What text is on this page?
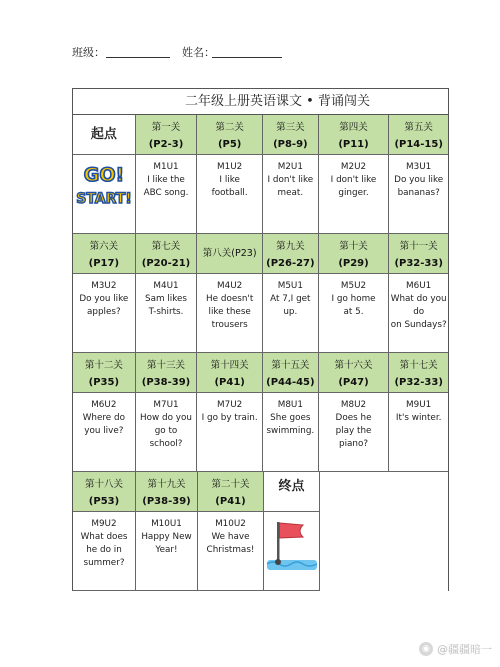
班级：	姓名：
二年级上册英语课文 • 背诵闯关
起点	第一关
(P2-3)
第二关
(P5)
第三关
(P8-9)
第四关
(P11)
第五关
(P14-15)
GO!
START!
M1U1
I like the
ABC song.
M1U2
I like
football.
M2U1
I don't like
meat.
M2U2
I don't like
ginger.
M3U1
Do you like
bananas?
第六关
(P17)
第七关
(P20-21)
第八关(P23)
第九关
(P26-27)
第十关
(P29)
第十一关
(P32-33)
M3U2
Do you like
apples?
M4U1
Sam likes
T-shirts.
M4U2
He doesn't
like these
trousers
M5U1
At 7,I get
up.
M5U2
I go home
at 5.
M6U1
What do you do
on Sundays?
第十二关
(P35)
第十三关
(P38-39)
第十四关
(P41)
第十五关
(P44-45)
第十六关
(P47)
第十七关
(P32-33)
M6U2
Where do
you live?
M7U1
How do you
go to
school?
M7U2
I go by train.
M8U1
She goes
swimming.
M8U2
Does he
play the
piano?
M9U1
It's winter.
第十八关
(P53)
第十九关
(P38-39)
第二十关
(P41)
终点
M9U2
What does
he do in
summer?
M10U1
Happy New
Year!
M10U2
We have
Christmas!
◉ @疆疆暗一
